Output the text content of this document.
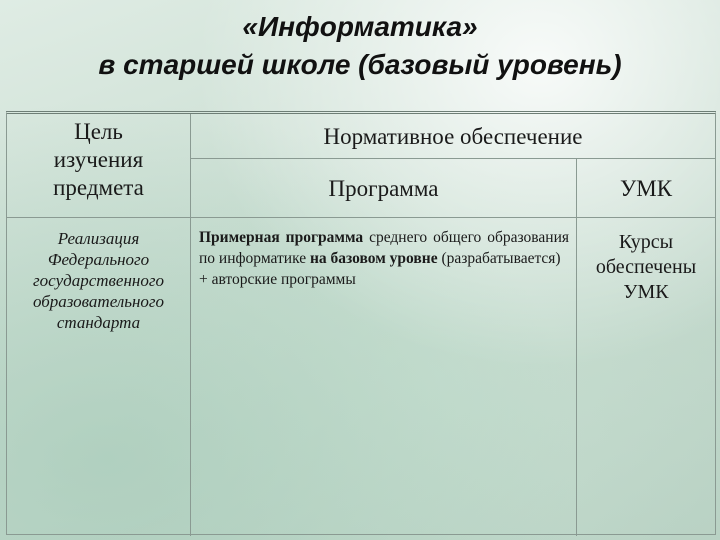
«Информатика»
в старшей школе (базовый уровень)
Цель
изучения
предмета
Нормативное обеспечение
Программа	УМК
Реализация
Федерального
государственного
образовательного
стандарта
Примерная программа среднего общего образования по информатике на базовом уровне (разрабатывается)
+ авторские программы
Курсы
обеспечены
УМК
